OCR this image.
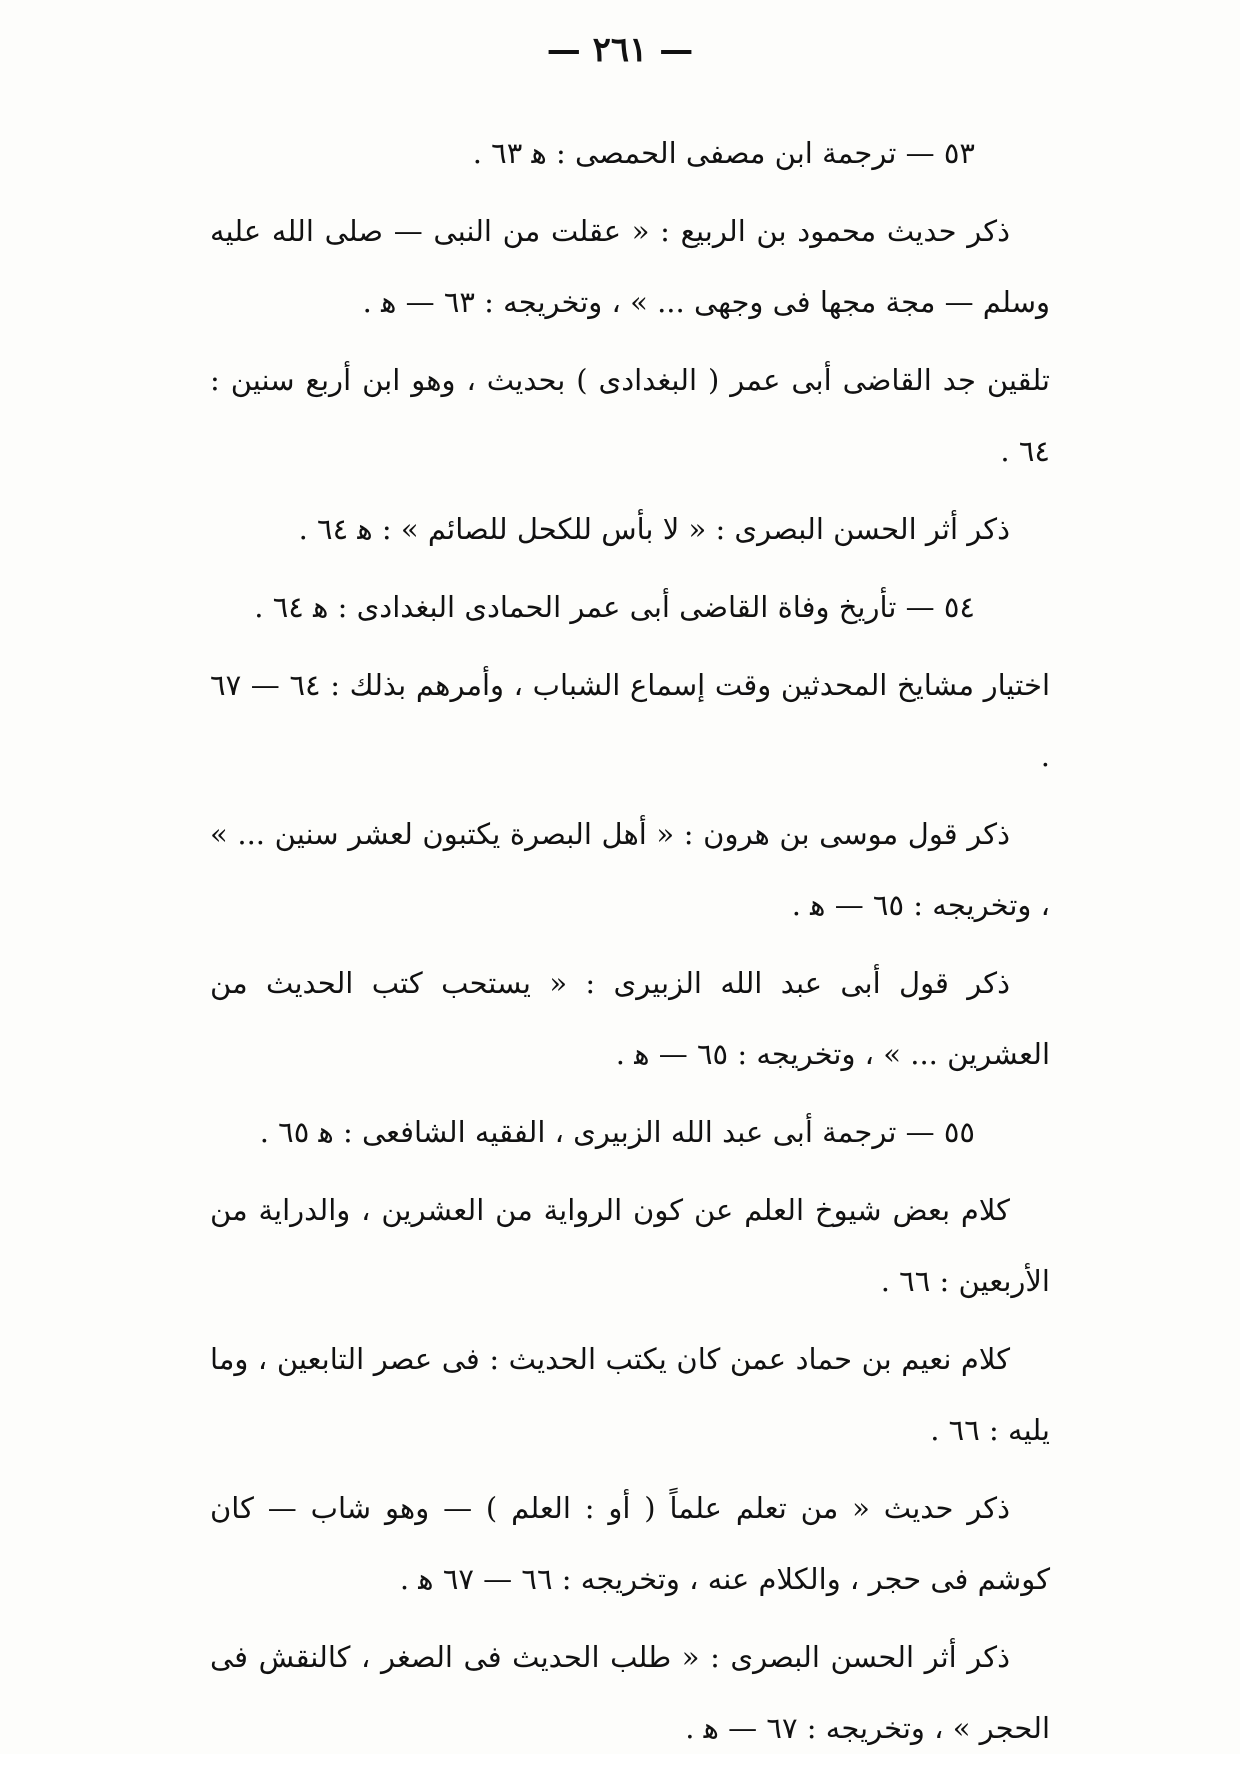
— ٢٦١ —

٥٣ — ترجمة ابن مصفى الحمصى : ﻫ ٦٣ .

ذكر حديث محمود بن الربيع : « عقلت من النبى — صلى الله عليه وسلم — مجة مجها فى وجهى ... » ، وتخريجه : ٦٣ — ﻫ .

تلقين جد القاضى أبى عمر ( البغدادى ) بحديث ، وهو ابن أربع سنين : ٦٤ .

ذكر أثر الحسن البصرى : « لا بأس للكحل للصائم » : ﻫ ٦٤ .

٥٤ — تأريخ وفاة القاضى أبى عمر الحمادى البغدادى : ﻫ ٦٤ .

اختيار مشايخ المحدثين وقت إسماع الشباب ، وأمرهم بذلك : ٦٤ — ٦٧ .

ذكر قول موسى بن هرون : « أهل البصرة يكتبون لعشر سنين ... » ، وتخريجه : ٦٥ — ﻫ .

ذكر قول أبى عبد الله الزبيرى : « يستحب كتب الحديث من العشرين ... » ، وتخريجه : ٦٥ — ﻫ .

٥٥ — ترجمة أبى عبد الله الزبيرى ، الفقيه الشافعى : ﻫ ٦٥ .

كلام بعض شيوخ العلم عن كون الرواية من العشرين ، والدراية من الأربعين : ٦٦ .

كلام نعيم بن حماد عمن كان يكتب الحديث : فى عصر التابعين ، وما يليه : ٦٦ .

ذكر حديث « من تعلم علماً ( أو : العلم ) — وهو شاب — كان كوشم فى حجر ، والكلام عنه ، وتخريجه : ٦٦ — ٦٧ ﻫ .

ذكر أثر الحسن البصرى : « طلب الحديث فى الصغر ، كالنقش فى الحجر » ، وتخريجه : ٦٧ — ﻫ .
